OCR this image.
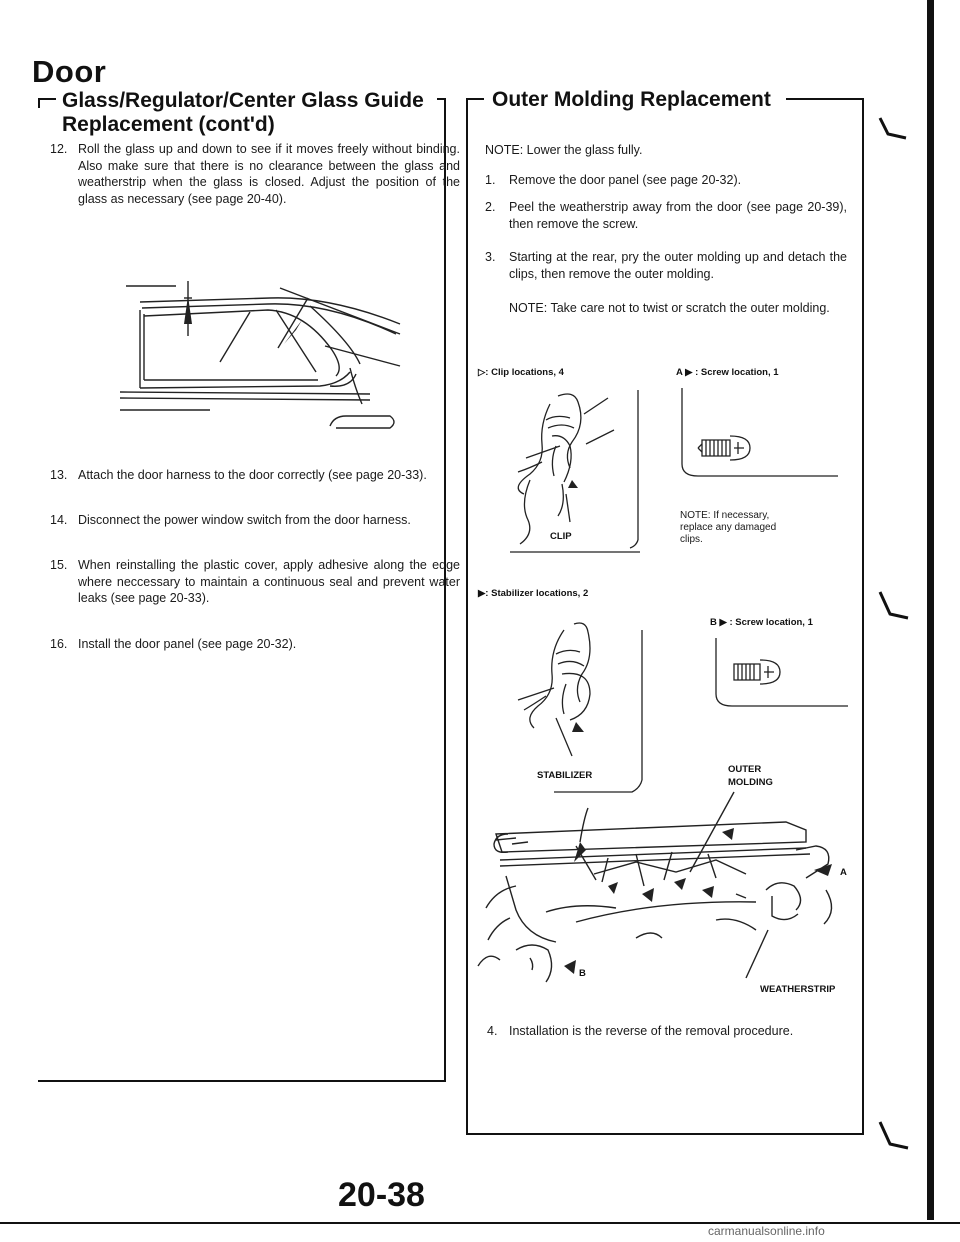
Door
Glass/Regulator/Center Glass Guide
Replacement (cont'd)
12. Roll the glass up and down to see if it moves freely without binding. Also make sure that there is no clearance between the glass and weatherstrip when the glass is closed. Adjust the position of the glass as necessary (see page 20-40).
13. Attach the door harness to the door correctly (see page 20-33).
14. Disconnect the power window switch from the door harness.
15. When reinstalling the plastic cover, apply adhesive along the edge where neccessary to maintain a continuous seal and prevent water leaks (see page 20-33).
16. Install the door panel (see page 20-32).
Outer Molding Replacement
NOTE: Lower the glass fully.
1. Remove the door panel (see page 20-32).
2. Peel the weatherstrip away from the door (see page 20-39), then remove the screw.
3. Starting at the rear, pry the outer molding up and detach the clips, then remove the outer molding.
NOTE: Take care not to twist or scratch the outer molding.
▷: Clip locations, 4	A ▶ : Screw location, 1
CLIP
NOTE: If necessary, replace any damaged clips.
▶: Stabilizer locations, 2
B ▶ : Screw location, 1
STABILIZER
OUTER
MOLDING
A
B
WEATHERSTRIP
4. Installation is the reverse of the removal procedure.
20-38
carmanualsonline.info
